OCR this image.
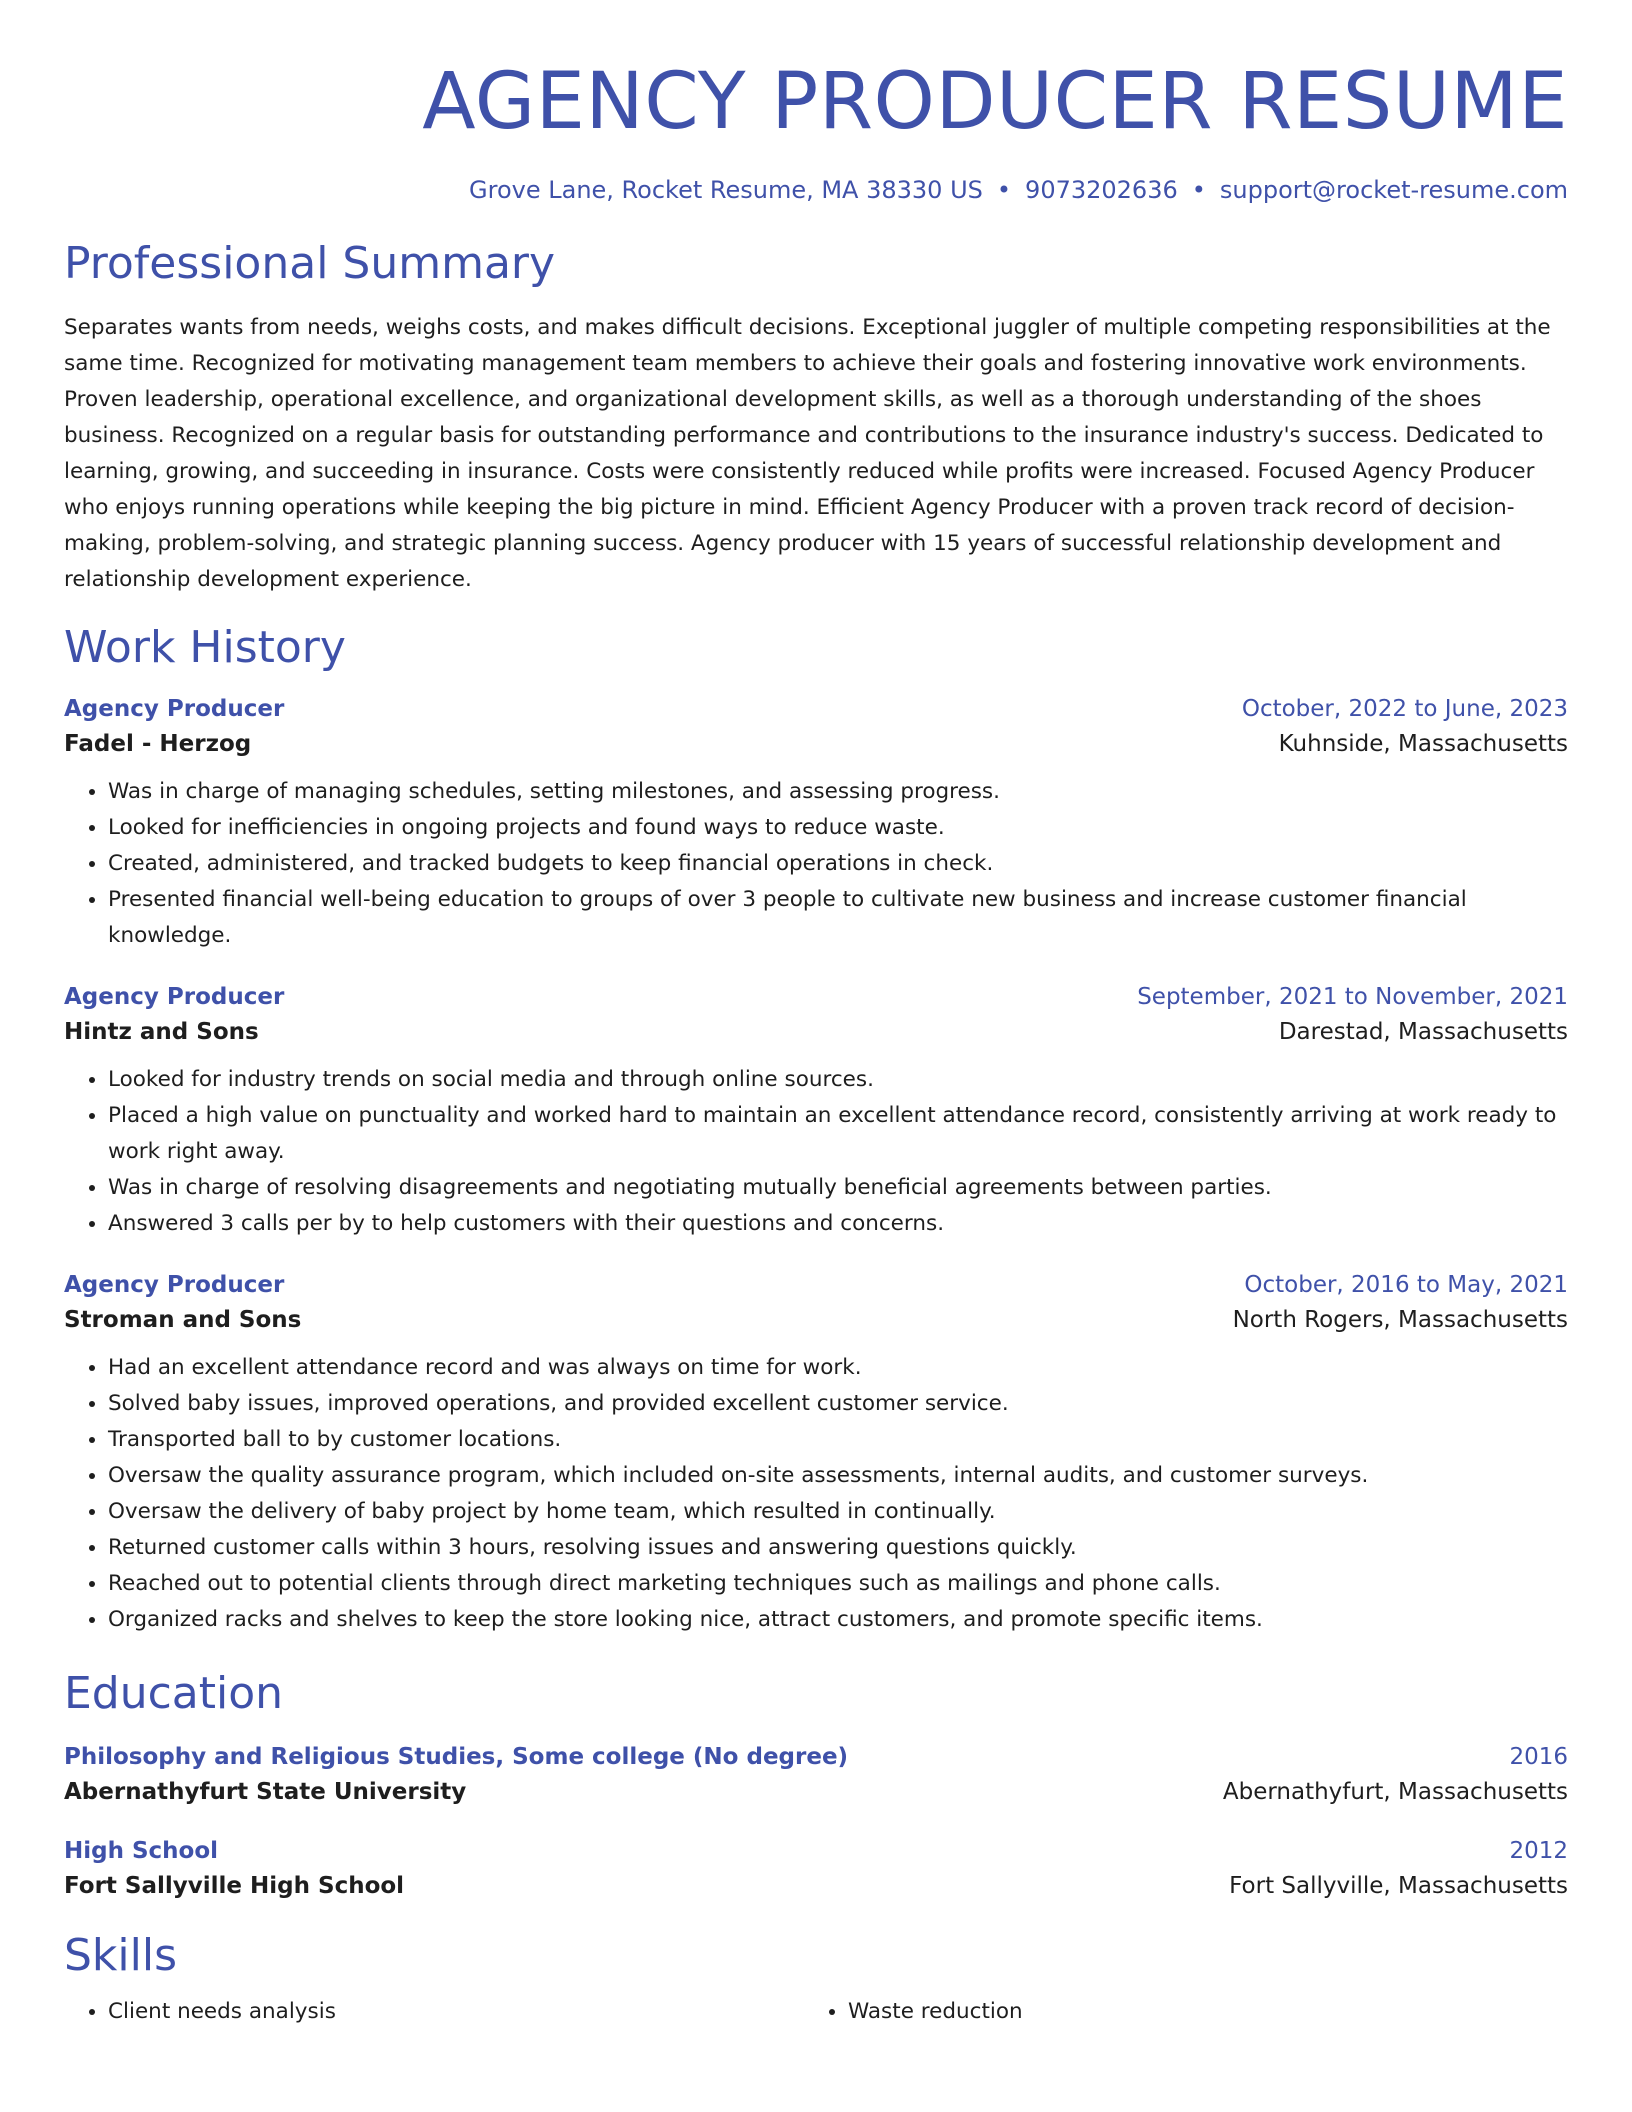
AGENCY PRODUCER RESUME
Grove Lane, Rocket Resume, MA 38330 US • 9073202636 • support@rocket-resume.com
Professional Summary

Separates wants from needs, weighs costs, and makes difficult decisions. Exceptional juggler of multiple competing responsibilities at the same time. Recognized for motivating management team members to achieve their goals and fostering innovative work environments. Proven leadership, operational excellence, and organizational development skills, as well as a thorough understanding of the shoes business. Recognized on a regular basis for outstanding performance and contributions to the insurance industry's success. Dedicated to learning, growing, and succeeding in insurance. Costs were consistently reduced while profits were increased. Focused Agency Producer who enjoys running operations while keeping the big picture in mind. Efficient Agency Producer with a proven track record of decision-making, problem-solving, and strategic planning success. Agency producer with 15 years of successful relationship development and relationship development experience.

Work History
Agency Producer	October, 2022 to June, 2023
Fadel - Herzog	Kuhnside, Massachusetts
• Was in charge of managing schedules, setting milestones, and assessing progress.
• Looked for inefficiencies in ongoing projects and found ways to reduce waste.
• Created, administered, and tracked budgets to keep financial operations in check.
• Presented financial well-being education to groups of over 3 people to cultivate new business and increase customer financial knowledge.
Agency Producer	September, 2021 to November, 2021
Hintz and Sons	Darestad, Massachusetts
• Looked for industry trends on social media and through online sources.
• Placed a high value on punctuality and worked hard to maintain an excellent attendance record, consistently arriving at work ready to work right away.
• Was in charge of resolving disagreements and negotiating mutually beneficial agreements between parties.
• Answered 3 calls per by to help customers with their questions and concerns.
Agency Producer	October, 2016 to May, 2021
Stroman and Sons	North Rogers, Massachusetts
• Had an excellent attendance record and was always on time for work.
• Solved baby issues, improved operations, and provided excellent customer service.
• Transported ball to by customer locations.
• Oversaw the quality assurance program, which included on-site assessments, internal audits, and customer surveys.
• Oversaw the delivery of baby project by home team, which resulted in continually.
• Returned customer calls within 3 hours, resolving issues and answering questions quickly.
• Reached out to potential clients through direct marketing techniques such as mailings and phone calls.
• Organized racks and shelves to keep the store looking nice, attract customers, and promote specific items.
Education
Philosophy and Religious Studies, Some college (No degree)	2016
Abernathyfurt State University	Abernathyfurt, Massachusetts
High School	2012
Fort Sallyville High School	Fort Sallyville, Massachusetts
Skills
• Client needs analysis
•	Waste reduction
